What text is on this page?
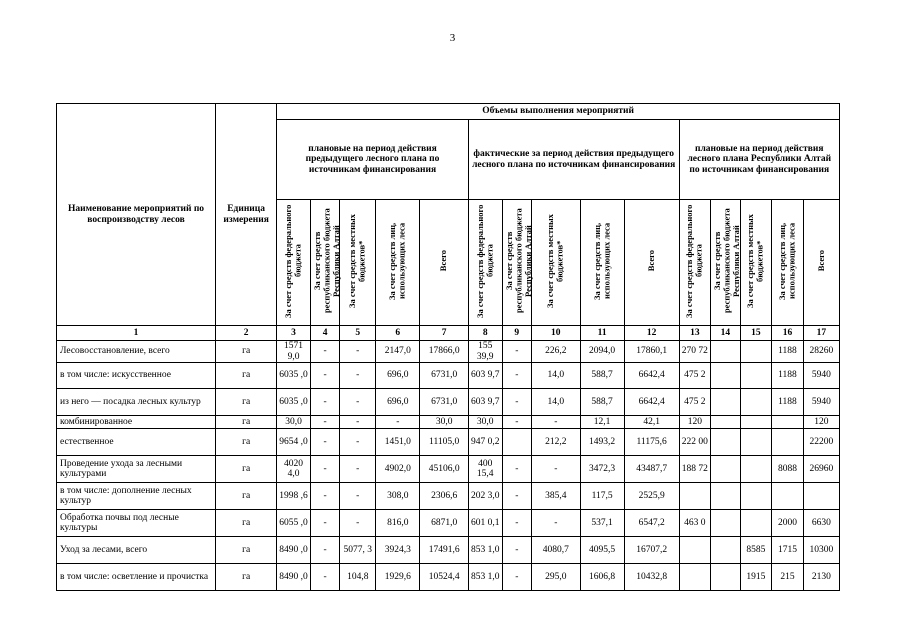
3
Наименование мероприятий по воспроизводству лесов	Единица измерения	Объемы выполнения мероприятий														
		плановые на период действия предыдущего лесного плана по источникам финансирования					фактические за период действия предыдущего лесного плана по источникам финансирования					плановые на период действия лесного плана Республики Алтай по источникам финансирования				
		За счет средств федерального бюджета	За счет средств республиканского бюджета Республики Алтай	За счет средств местных бюджетов*	За счет средств лиц, использующих леса	Всего	За счет средств федерального бюджета	За счет средств республиканского бюджета Республики Алтай	За счет средств местных бюджетов*	За счет средств лиц, использующих леса	Всего	За счет средств федерального бюджета	За счет средств республиканского бюджета Республики Алтай	За счет средств местных бюджетов*	За счет средств лиц, использующих леса	Всего
1	2	3	4	5	6	7	8	9	10	11	12	13	14	15	16	17
Лесовосстановление, всего	га	1571 9,0	-	-	2147,0	17866,0	155 39,9	-	226,2	2094,0	17860,1	270 72			1188	28260
в том числе: искусственное	га	6035 ,0	-	-	696,0	6731,0	603 9,7	-	14,0	588,7	6642,4	475 2			1188	5940
из него — посадка лесных культур	га	6035 ,0	-	-	696,0	6731,0	603 9,7	-	14,0	588,7	6642,4	475 2			1188	5940
комбинированное	га	30,0	-	-	-	30,0	30,0	-	-	12,1	42,1	120				120
естественное	га	9654 ,0	-	-	1451,0	11105,0	947 0,2		212,2	1493,2	11175,6	222 00				22200
Проведение ухода за лесными культурами	га	4020 4,0	-	-	4902,0	45106,0	400 15,4	-	-	3472,3	43487,7	188 72			8088	26960
в том числе: дополнение лесных культур	га	1998 ,6	-	-	308,0	2306,6	202 3,0	-	385,4	117,5	2525,9					
Обработка почвы под лесные культуры	га	6055 ,0	-	-	816,0	6871,0	601 0,1	-	-	537,1	6547,2	463 0			2000	6630
Уход за лесами, всего	га	8490 ,0	-	5077, 3	3924,3	17491,6	853 1,0	-	4080,7	4095,5	16707,2			8585	1715	10300
в том числе: осветление и прочистка	га	8490 ,0	-	104,8	1929,6	10524,4	853 1,0	-	295,0	1606,8	10432,8			1915	215	2130
